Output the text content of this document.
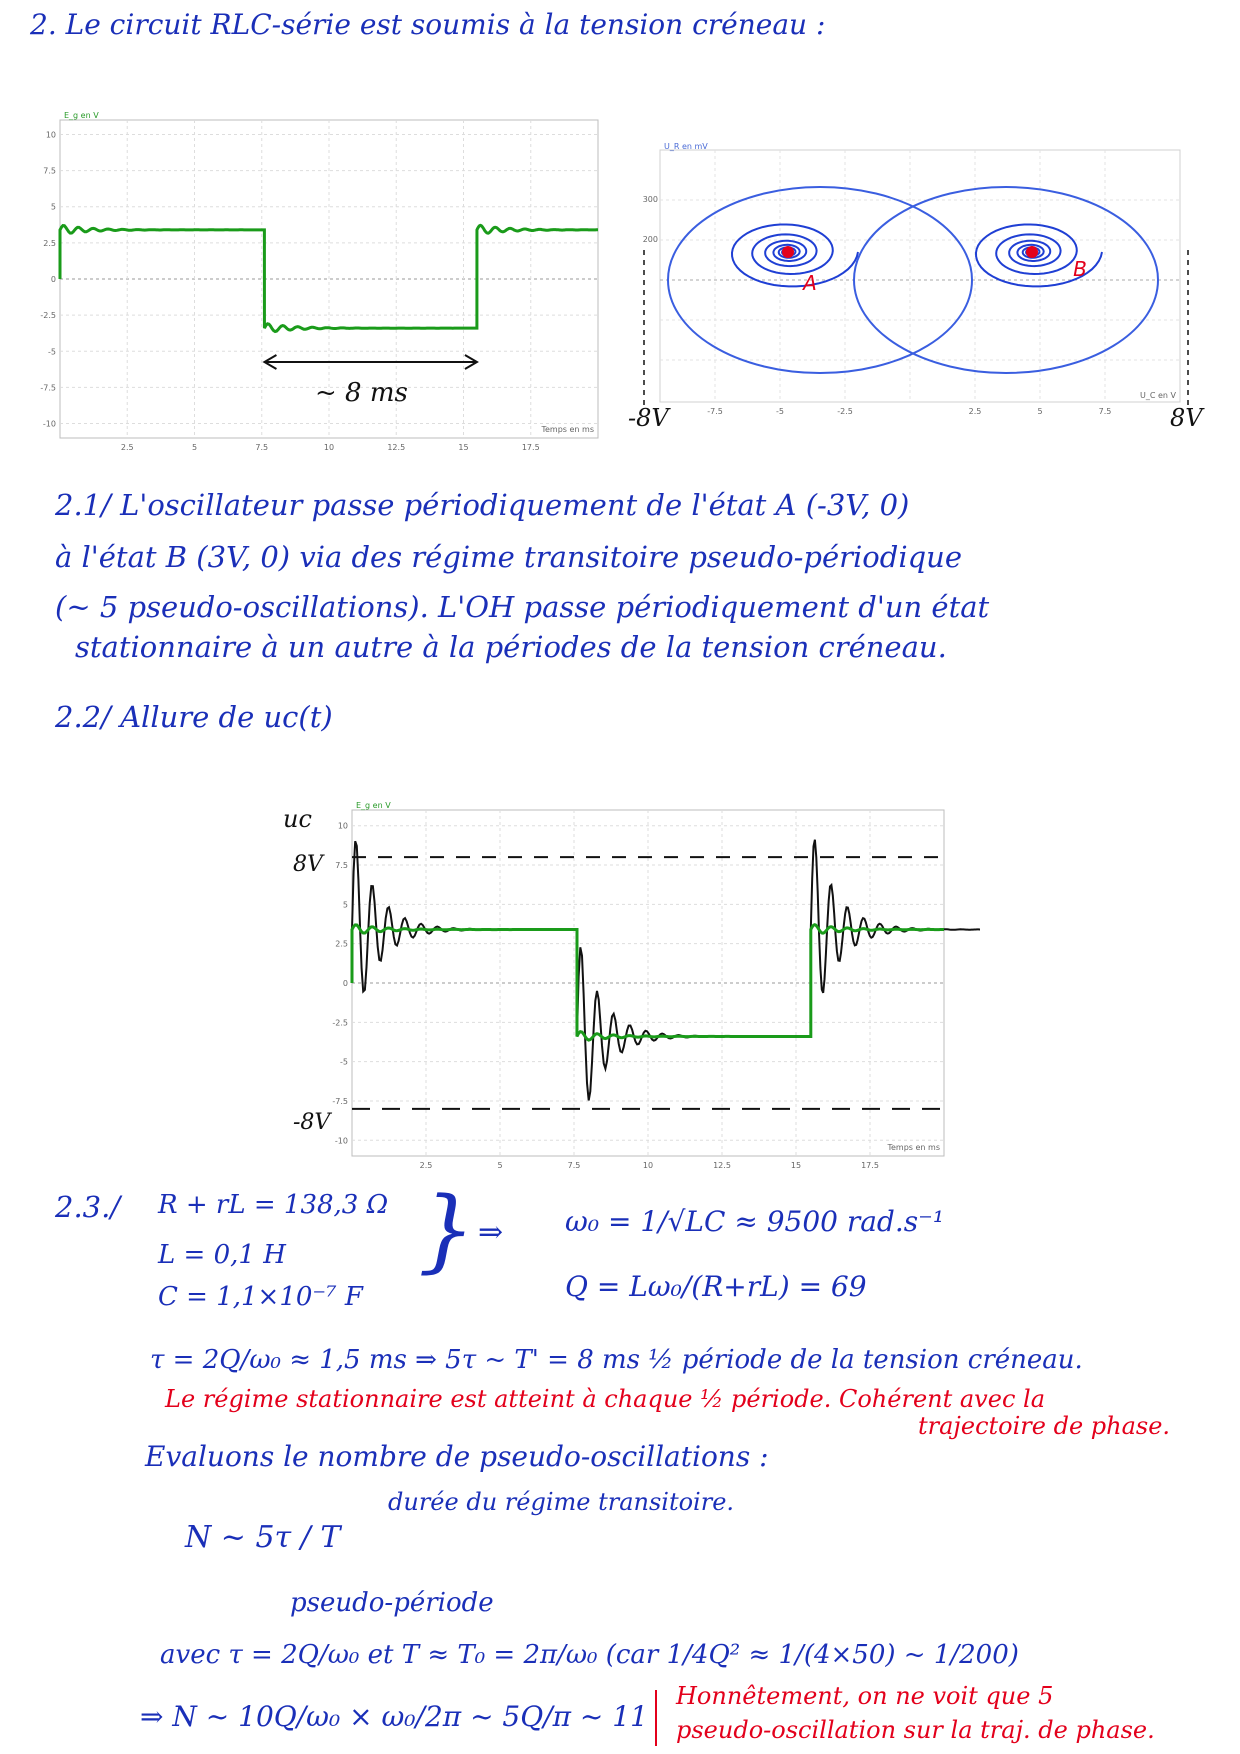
2. Le circuit RLC-série est soumis à la tension créneau :
10
7.5
5
2.5
0
-2.5
-5
-7.5
-10
2.5	5	7.5	10	12.5	15	17.5
E_g en V
Temps en ms
~ 8 ms
U_R en mV
U_C en V
300
200
-7.5	-5	-2.5	2.5	5	7.5
A
B
-8V	8V
2.1/ L'oscillateur passe périodiquement de l'état A (-3V, 0)
à l'état B (3V, 0) via des régime transitoire pseudo-périodique
(~ 5 pseudo-oscillations). L'OH passe périodiquement d'un état
stationnaire à un autre à la périodes de la tension créneau.
2.2/ Allure de uc(t)
uc	10
7.5
5
2.5
0
-2.5
-5
-7.5
-10
2.5	5	7.5	10	12.5	15	17.5
E_g en V
Temps en ms
8V
-8V
2.3./ R + rL = 138,3 Ω
L = 0,1 H
C = 1,1×10⁻⁷ F
} ⇒ ω₀ = 1/√LC ≈ 9500 rad.s⁻¹
Q = Lω₀/(R+rL) = 69
τ = 2Q/ω₀ ≈ 1,5 ms ⇒ 5τ ~ T' = 8 ms ½ période de la tension créneau.
Le régime stationnaire est atteint à chaque ½ période. Cohérent avec la
trajectoire de phase.
Evaluons le nombre de pseudo-oscillations :
durée du régime transitoire.
N ~ 5τ / T
pseudo-période
avec τ = 2Q/ω₀ et T ≈ T₀ = 2π/ω₀ (car 1/4Q² ≈ 1/(4×50) ~ 1/200)
⇒ N ~ 10Q/ω₀ × ω₀/2π ~ 5Q/π ~ 11
Honnêtement, on ne voit que 5
pseudo-oscillation sur la traj. de phase.
